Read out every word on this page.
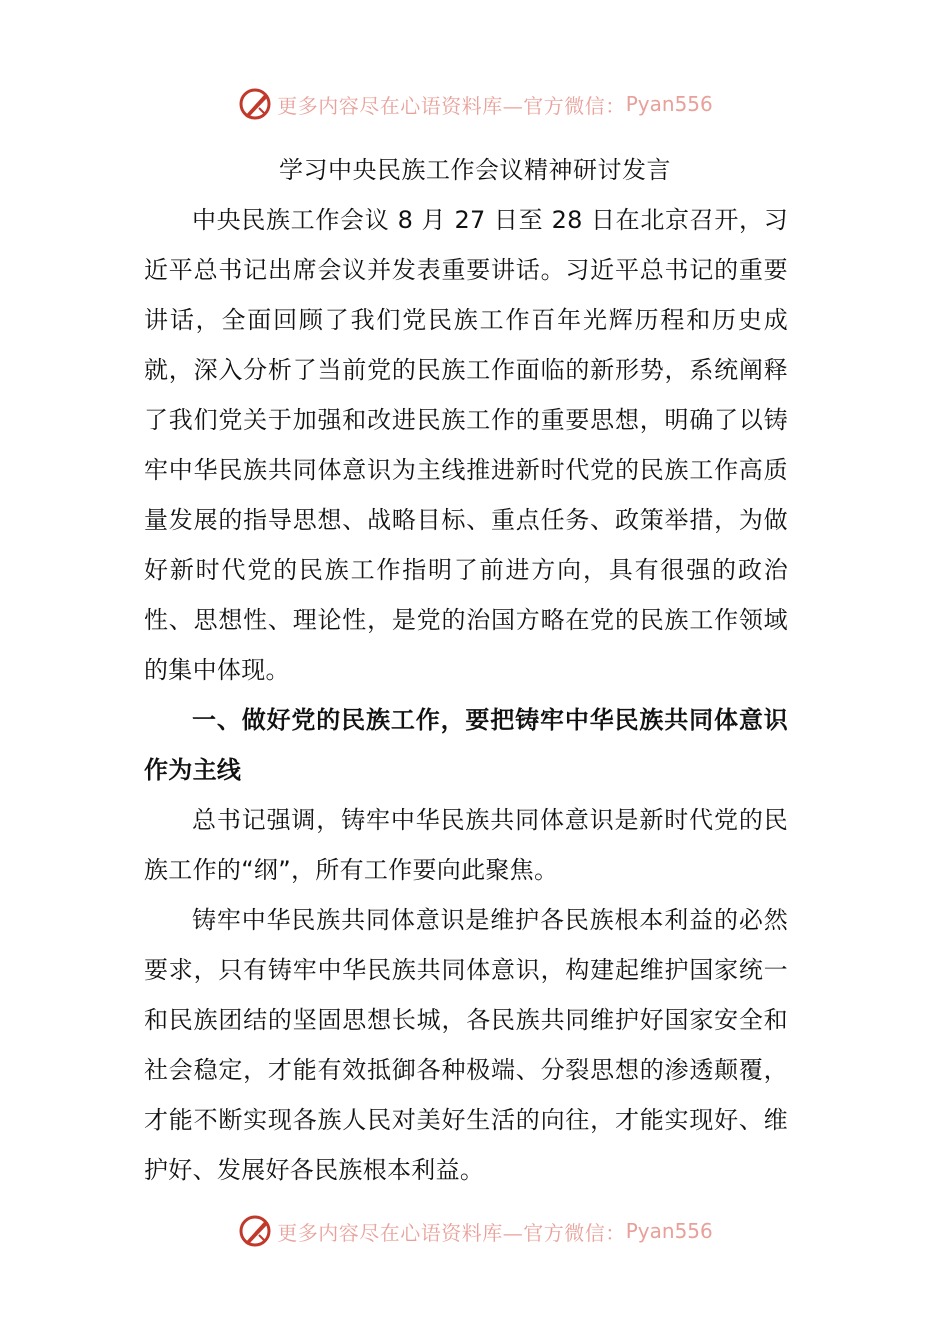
更多内容尽在心语资料库—官方微信： Pyan556
学习中央民族工作会议精神研讨发言

中央民族工作会议 8 月 27 日至 28 日在北京召开，习近平总书记出席会议并发表重要讲话。习近平总书记的重要讲话，全面回顾了我们党民族工作百年光辉历程和历史成就，深入分析了当前党的民族工作面临的新形势，系统阐释了我们党关于加强和改进民族工作的重要思想，明确了以铸牢中华民族共同体意识为主线推进新时代党的民族工作高质量发展的指导思想、战略目标、重点任务、政策举措，为做好新时代党的民族工作指明了前进方向，具有很强的政治性、思想性、理论性，是党的治国方略在党的民族工作领域的集中体现。

一、做好党的民族工作，要把铸牢中华民族共同体意识作为主线

总书记强调，铸牢中华民族共同体意识是新时代党的民族工作的“纲”，所有工作要向此聚焦。

铸牢中华民族共同体意识是维护各民族根本利益的必然要求，只有铸牢中华民族共同体意识，构建起维护国家统一和民族团结的坚固思想长城，各民族共同维护好国家安全和社会稳定，才能有效抵御各种极端、分裂思想的渗透颠覆，才能不断实现各族人民对美好生活的向往，才能实现好、维护好、发展好各民族根本利益。

更多内容尽在心语资料库—官方微信： Pyan556
